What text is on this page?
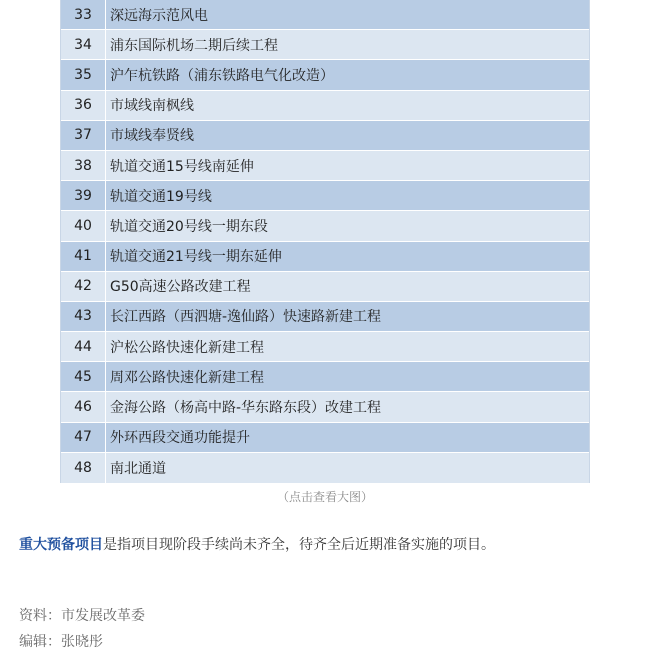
33	深远海示范风电
34	浦东国际机场二期后续工程
35	沪乍杭铁路（浦东铁路电气化改造）
36	市域线南枫线
37	市域线奉贤线
38	轨道交通15号线南延伸
39	轨道交通19号线
40	轨道交通20号线一期东段
41	轨道交通21号线一期东延伸
42	G50高速公路改建工程
43	长江西路（西泗塘-逸仙路）快速路新建工程
44	沪松公路快速化新建工程
45	周邓公路快速化新建工程
46	金海公路（杨高中路-华东路东段）改建工程
47	外环西段交通功能提升
48	南北通道
（点击查看大图）

重大预备项目是指项目现阶段手续尚未齐全，待齐全后近期准备实施的项目。

资料：市发展改革委
编辑：张晓彤
